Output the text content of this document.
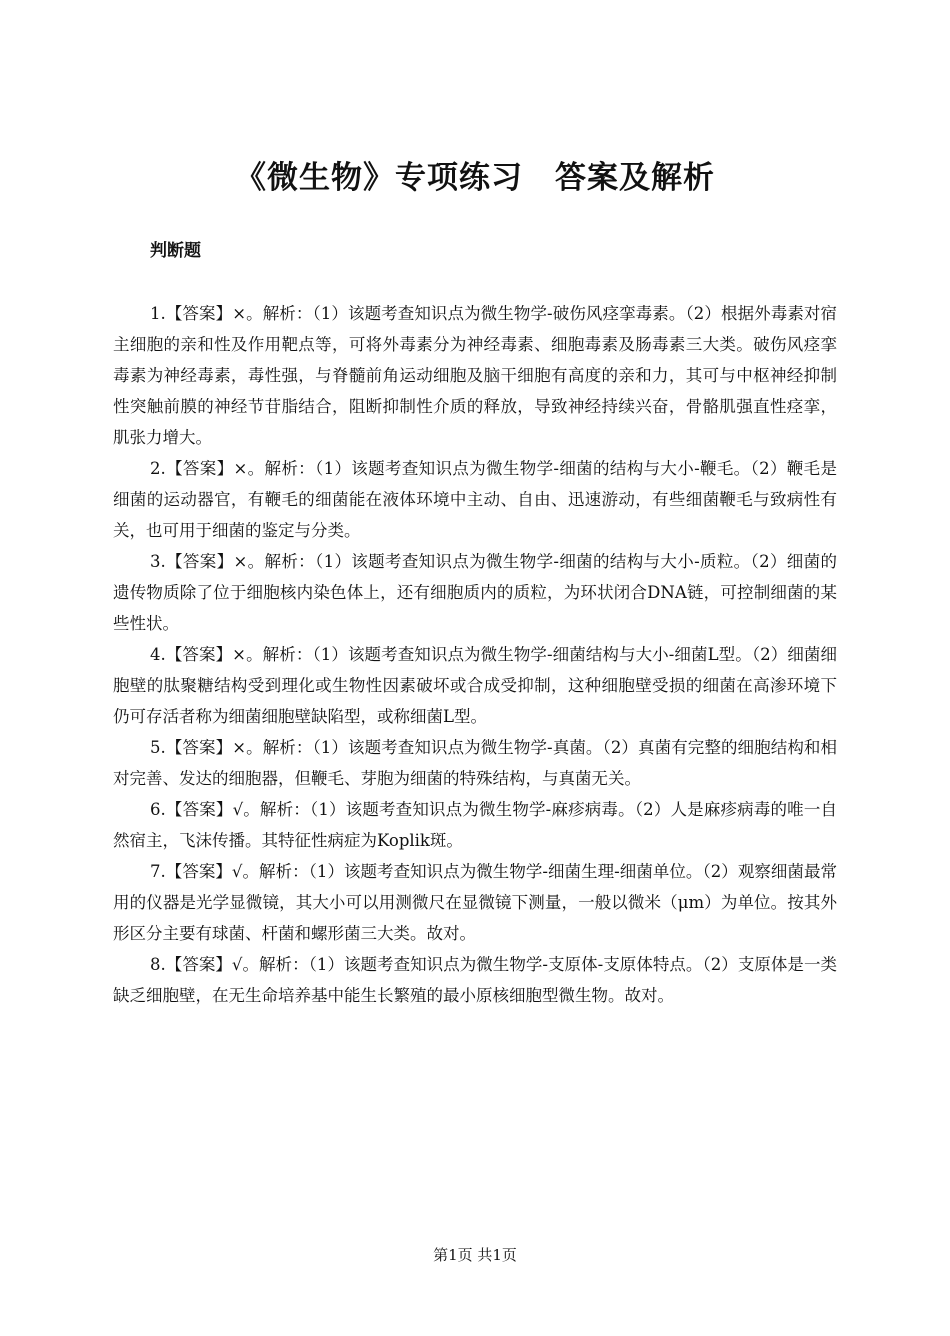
《微生物》专项练习　答案及解析
判断题

1.【答案】×。解析：（1）该题考查知识点为微生物学-破伤风痉挛毒素。（2）根据外毒素对宿主细胞的亲和性及作用靶点等，可将外毒素分为神经毒素、细胞毒素及肠毒素三大类。破伤风痉挛毒素为神经毒素，毒性强，与脊髓前角运动细胞及脑干细胞有高度的亲和力，其可与中枢神经抑制性突触前膜的神经节苷脂结合，阻断抑制性介质的释放，导致神经持续兴奋，骨骼肌强直性痉挛，肌张力增大。

2.【答案】×。解析：（1）该题考查知识点为微生物学-细菌的结构与大小-鞭毛。（2）鞭毛是细菌的运动器官，有鞭毛的细菌能在液体环境中主动、自由、迅速游动，有些细菌鞭毛与致病性有关，也可用于细菌的鉴定与分类。

3.【答案】×。解析：（1）该题考查知识点为微生物学-细菌的结构与大小-质粒。（2）细菌的遗传物质除了位于细胞核内染色体上，还有细胞质内的质粒，为环状闭合DNA链，可控制细菌的某些性状。

4.【答案】×。解析：（1）该题考查知识点为微生物学-细菌结构与大小-细菌L型。（2）细菌细胞壁的肽聚糖结构受到理化或生物性因素破坏或合成受抑制，这种细胞壁受损的细菌在高渗环境下仍可存活者称为细菌细胞壁缺陷型，或称细菌L型。

5.【答案】×。解析：（1）该题考查知识点为微生物学-真菌。（2）真菌有完整的细胞结构和相对完善、发达的细胞器，但鞭毛、芽胞为细菌的特殊结构，与真菌无关。

6.【答案】√。解析：（1）该题考查知识点为微生物学-麻疹病毒。（2）人是麻疹病毒的唯一自然宿主，飞沫传播。其特征性病症为Koplik斑。

7.【答案】√。解析：（1）该题考查知识点为微生物学-细菌生理-细菌单位。（2）观察细菌最常用的仪器是光学显微镜，其大小可以用测微尺在显微镜下测量，一般以微米（μm）为单位。按其外形区分主要有球菌、杆菌和螺形菌三大类。故对。

8.【答案】√。解析：（1）该题考查知识点为微生物学-支原体-支原体特点。（2）支原体是一类缺乏细胞壁，在无生命培养基中能生长繁殖的最小原核细胞型微生物。故对。

第1页 共1页
